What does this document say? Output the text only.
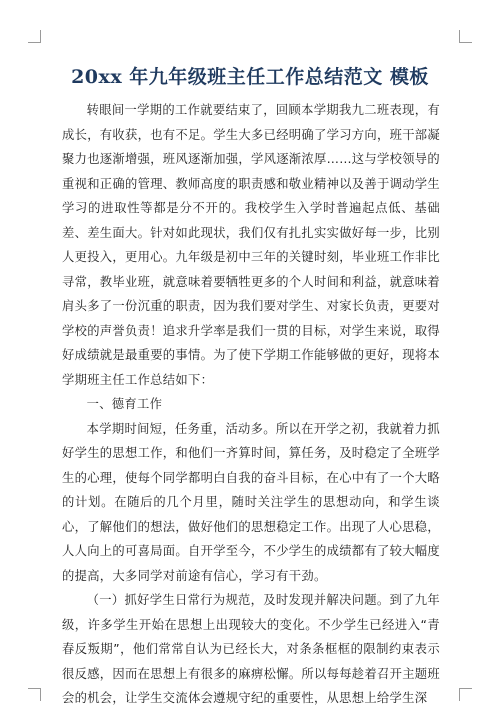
20xx 年九年级班主任工作总结范文 模板

转眼间一学期的工作就要结束了，回顾本学期我九二班表现，有成长，有收获，也有不足。学生大多已经明确了学习方向，班干部凝聚力也逐渐增强，班风逐渐加强，学风逐渐浓厚……这与学校领导的重视和正确的管理、教师高度的职责感和敬业精神以及善于调动学生学习的进取性等都是分不开的。我校学生入学时普遍起点低、基础差、差生面大。针对如此现状，我们仅有扎扎实实做好每一步，比别人更投入，更用心。九年级是初中三年的关键时刻，毕业班工作非比寻常，教毕业班，就意味着要牺牲更多的个人时间和利益，就意味着肩头多了一份沉重的职责，因为我们要对学生、对家长负责，更要对学校的声誉负责！追求升学率是我们一贯的目标，对学生来说，取得好成绩就是最重要的事情。为了使下学期工作能够做的更好，现将本学期班主任工作总结如下：

一、德育工作

本学期时间短，任务重，活动多。所以在开学之初，我就着力抓好学生的思想工作，和他们一齐算时间，算任务，及时稳定了全班学生的心理，使每个同学都明白自我的奋斗目标，在心中有了一个大略的计划。在随后的几个月里，随时关注学生的思想动向，和学生谈心，了解他们的想法，做好他们的思想稳定工作。出现了人心思稳，人人向上的可喜局面。自开学至今，不少学生的成绩都有了较大幅度的提高，大多同学对前途有信心，学习有干劲。

（一）抓好学生日常行为规范，及时发现并解决问题。到了九年级，许多学生开始在思想上出现较大的变化。不少学生已经进入“青春反叛期”，他们常常自认为已经长大，对条条框框的限制约束表示很反感，因而在思想上有很多的麻痹松懈。所以每每趁着召开主题班会的机会，让学生交流体会遵规守纪的重要性，从思想上给学生深
